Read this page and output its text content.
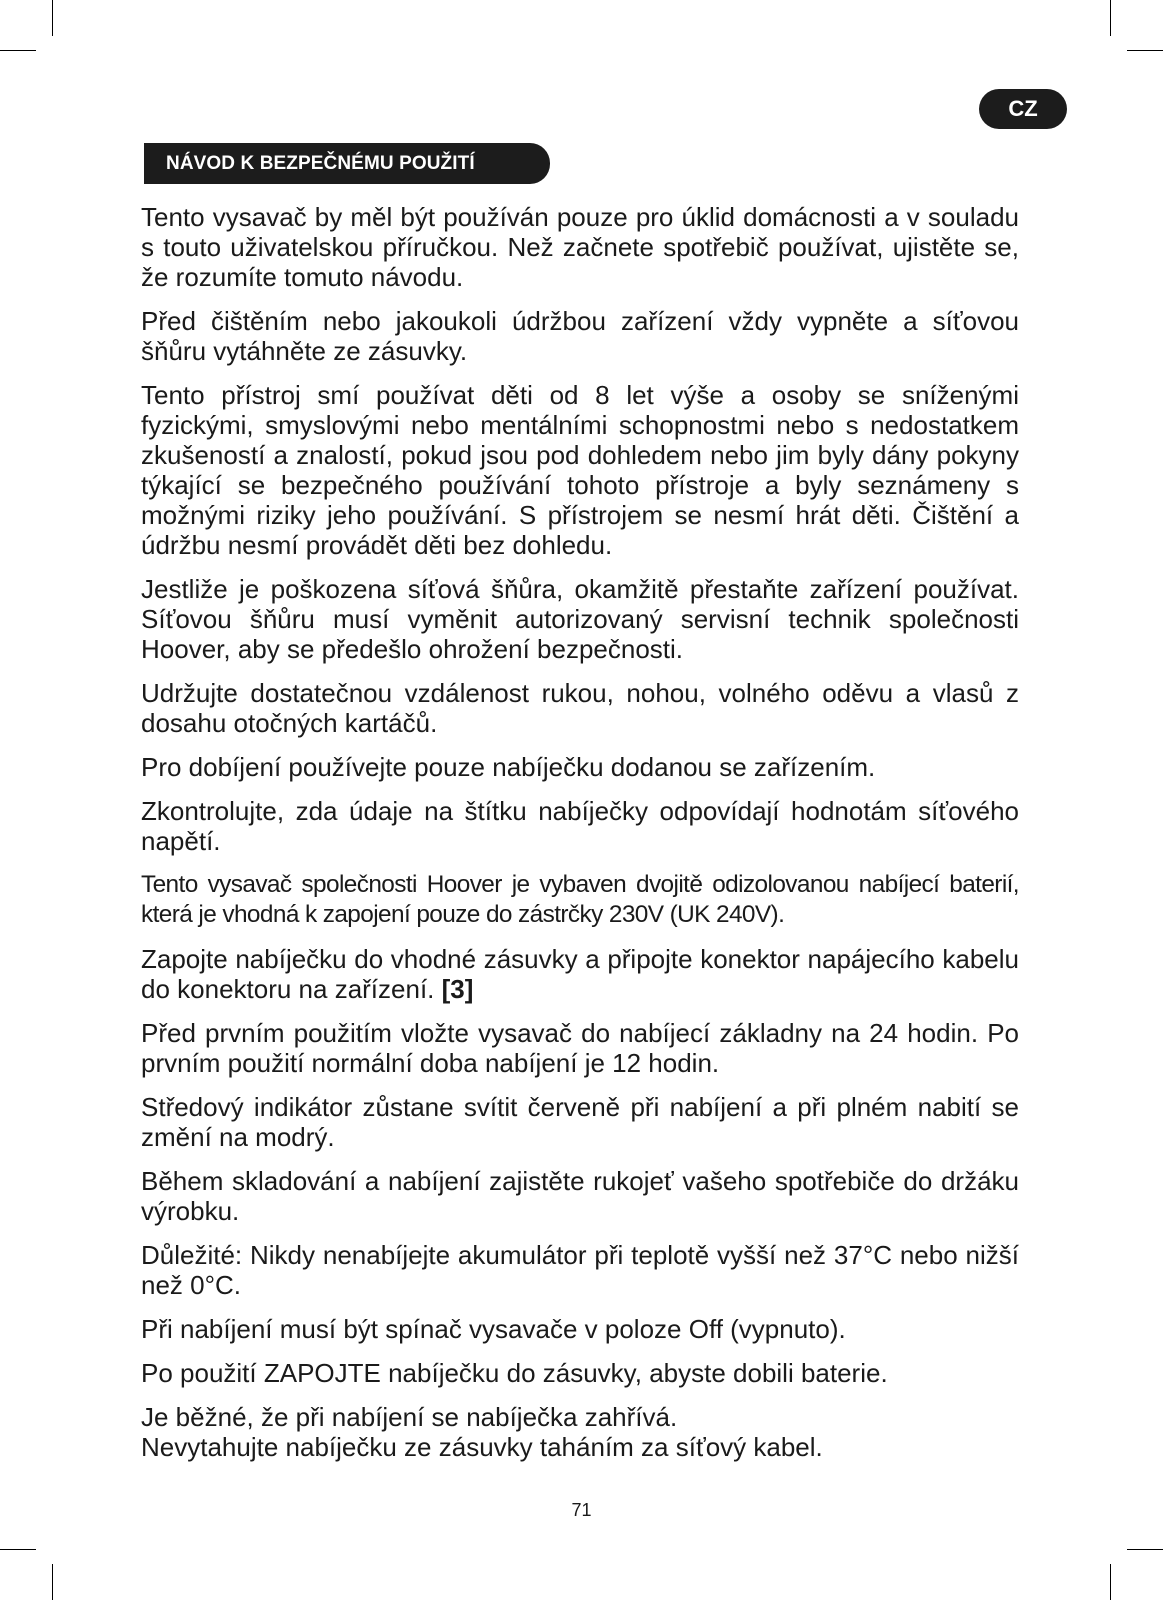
CZ
NÁVOD K BEZPEČNÉMU POUŽITÍ

Tento vysavač by měl být používán pouze pro úklid domácnosti a v souladu s touto uživatelskou příručkou. Než začnete spotřebič používat, ujistěte se, že rozumíte tomuto návodu.

Před čištěním nebo jakoukoli údržbou zařízení vždy vypněte a síťovou šňůru vytáhněte ze zásuvky.

Tento přístroj smí používat děti od 8 let výše a osoby se sníženými fyzickými, smyslovými nebo mentálními schopnostmi nebo s nedostatkem zkušeností a znalostí, pokud jsou pod dohledem nebo jim byly dány pokyny týkající se bezpečného používání tohoto přístroje a byly seznámeny s možnými riziky jeho používání. S přístrojem se nesmí hrát děti. Čištění a údržbu nesmí provádět děti bez dohledu.

Jestliže je poškozena síťová šňůra, okamžitě přestaňte zařízení používat. Síťovou šňůru musí vyměnit autorizovaný servisní technik společnosti Hoover, aby se předešlo ohrožení bezpečnosti.

Udržujte dostatečnou vzdálenost rukou, nohou, volného oděvu a vlasů z dosahu otočných kartáčů.

Pro dobíjení používejte pouze nabíječku dodanou se zařízením.

Zkontrolujte, zda údaje na štítku nabíječky odpovídají hodnotám síťového napětí.

Tento vysavač společnosti Hoover je vybaven dvojitě odizolovanou nabíjecí baterií, která je vhodná k zapojení pouze do zástrčky 230V (UK 240V).

Zapojte nabíječku do vhodné zásuvky a připojte konektor napájecího kabelu do konektoru na zařízení. [3]

Před prvním použitím vložte vysavač do nabíjecí základny na 24 hodin. Po prvním použití normální doba nabíjení je 12 hodin.

Středový indikátor zůstane svítit červeně při nabíjení a při plném nabití se změní na modrý.

Během skladování a nabíjení zajistěte rukojeť vašeho spotřebiče do držáku výrobku.

Důležité: Nikdy nenabíjejte akumulátor při teplotě vyšší než 37°C nebo nižší než 0°C.

Při nabíjení musí být spínač vysavače v poloze Off (vypnuto).

Po použití ZAPOJTE nabíječku do zásuvky, abyste dobili baterie.

Je běžné, že při nabíjení se nabíječka zahřívá.
Nevytahujte nabíječku ze zásuvky taháním za síťový kabel.

71
